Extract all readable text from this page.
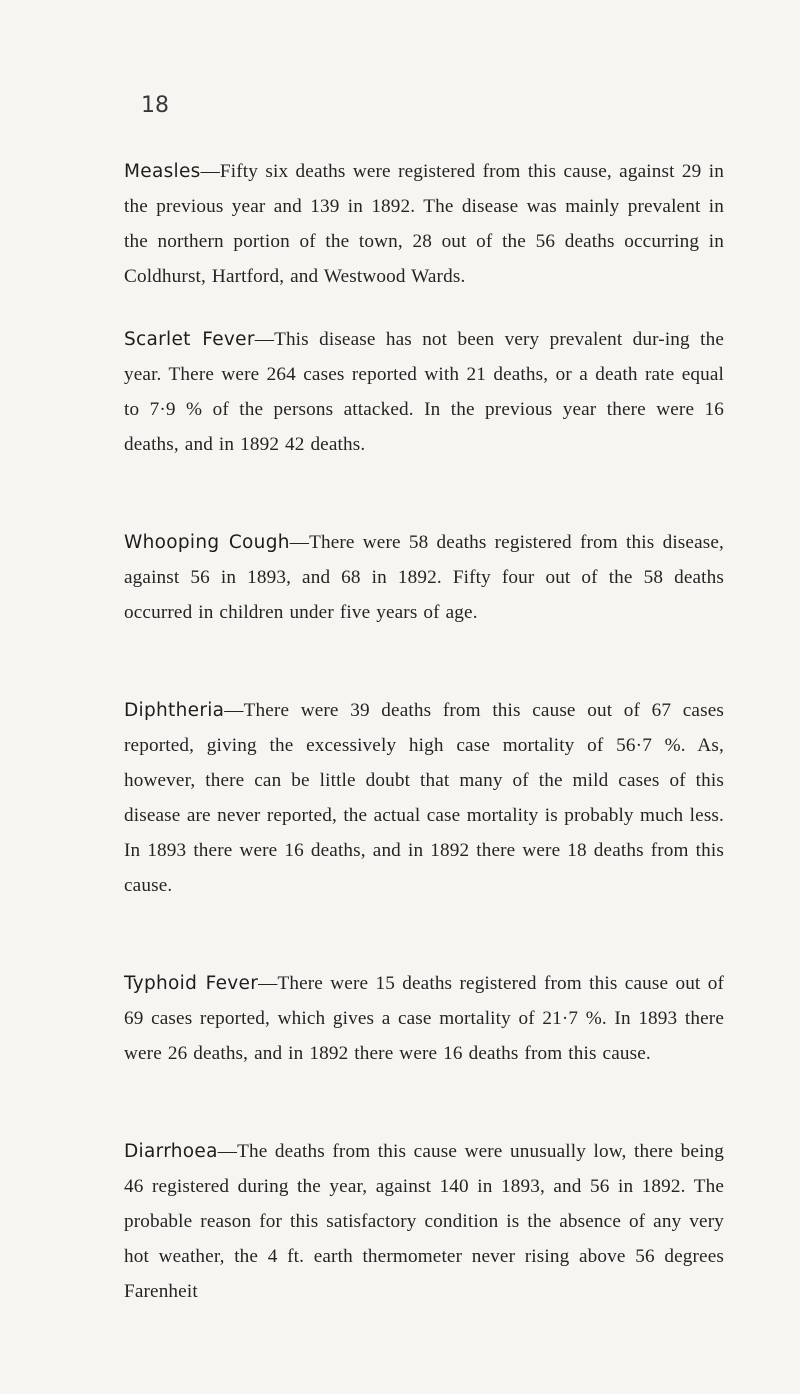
18

Measles—Fifty six deaths were registered from this cause, against 29 in the previous year and 139 in 1892. The disease was mainly prevalent in the northern portion of the town, 28 out of the 56 deaths occurring in Coldhurst, Hartford, and Westwood Wards.

Scarlet Fever—This disease has not been very prevalent dur-ing the year. There were 264 cases reported with 21 deaths, or a death rate equal to 7·9 % of the persons attacked. In the previous year there were 16 deaths, and in 1892 42 deaths.

Whooping Cough—There were 58 deaths registered from this disease, against 56 in 1893, and 68 in 1892. Fifty four out of the 58 deaths occurred in children under five years of age.

Diphtheria—There were 39 deaths from this cause out of 67 cases reported, giving the excessively high case mortality of 56·7 %. As, however, there can be little doubt that many of the mild cases of this disease are never reported, the actual case mortality is probably much less. In 1893 there were 16 deaths, and in 1892 there were 18 deaths from this cause.

Typhoid Fever—There were 15 deaths registered from this cause out of 69 cases reported, which gives a case mortality of 21·7 %. In 1893 there were 26 deaths, and in 1892 there were 16 deaths from this cause.

Diarrhoea—The deaths from this cause were unusually low, there being 46 registered during the year, against 140 in 1893, and 56 in 1892. The probable reason for this satisfactory condition is the absence of any very hot weather, the 4 ft. earth thermometer never rising above 56 degrees Farenheit
